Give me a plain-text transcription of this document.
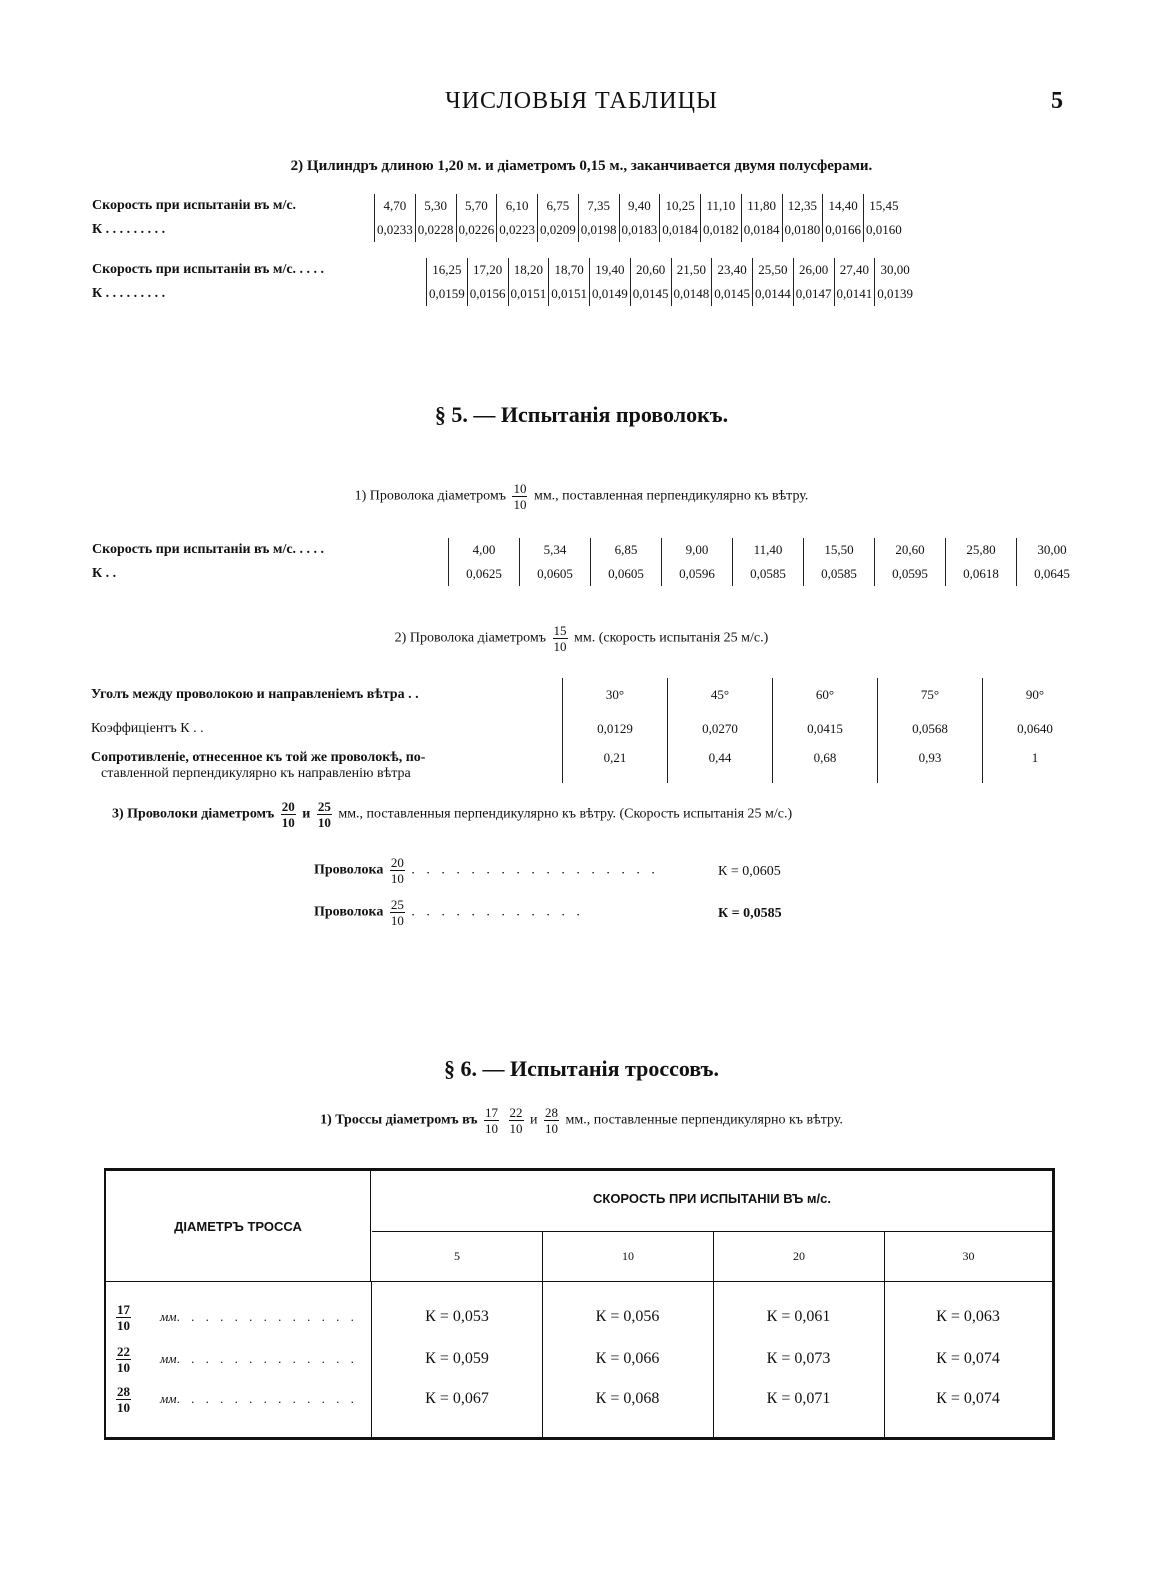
ЧИСЛОВЫЯ ТАБЛИЦЫ	5
2) Цилиндръ длиною 1,20 м. и діаметромъ 0,15 м., заканчивается двумя полусферами.
Скорость при испытаніи въ м/с.	4,70	5,30	5,70	6,10	6,75	7,35	9,40	10,25	11,10	11,80	12,35	14,40	15,45
К . . . . . . . . .	0,0233	0,0228	0,0226	0,0223	0,0209	0,0198	0,0183	0,0184	0,0182	0,0184	0,0180	0,0166	0,0160
Скорость при испытаніи въ м/с. . . . .	16,25	17,20	18,20	18,70	19,40	20,60	21,50	23,40	25,50	26,00	27,40	30,00
К . . . . . . . . .	0,0159	0,0156	0,0151	0,0151	0,0149	0,0145	0,0148	0,0145	0,0144	0,0147	0,0141	0,0139
§ 5. — Испытанія проволокъ.
1) Проволока діаметромъ $\frac{10}{10}$ мм., поставленная перпендикулярно къ вѣтру.
Скорость при испытаніи въ м/с. . . . .	4,00	5,34	6,85	9,00	11,40	15,50	20,60	25,80	30,00
К . .	0,0625	0,0605	0,0605	0,0596	0,0585	0,0585	0,0595	0,0618	0,0645
2) Проволока діаметромъ $\frac{15}{10}$ мм. (скорость испытанія 25 м/с.)
Уголъ между проволокою и направленіемъ вѣтра . .	30°	45°	60°	75°	90°
Коэффиціентъ К . .	0,0129	0,0270	0,0415	0,0568	0,0640

Сопротивленіе, отнесенное къ той же проволокѣ, по-
ставленной перпендикулярно къ направленію вѣтра	0,21	0,44	0,68	0,93	1
3) Проволоки діаметромъ $\frac{20}{10}$ и $\frac{25}{10}$ мм., поставленныя перпендикулярно къ вѣтру. (Скорость испытанія 25 м/с.)
Проволока $\frac{20}{10}$ . . . . . . . . . . . . . . . . .	К = 0,0605
Проволока $\frac{25}{10}$ . . . . . . . . . . . .	К = 0,0585
§ 6. — Испытанія троссовъ.
1) Троссы діаметромъ въ $\frac{17}{10}$
$\frac{22}{10}$ и $\frac{28}{10}$ мм., поставленные перпендикулярно къ вѣтру.
ДІАМЕТРЪ ТРОССА
СКОРОСТЬ ПРИ ИСПЫТАНІИ ВЪ м/с.
5	10	20	30
$\frac{17}{10}$ мм . . . . . . . . . . . . .	К = 0,053	К = 0,056	К = 0,061	К = 0,063
$\frac{22}{10}$ мм . . . . . . . . . . . . .	К = 0,059	К = 0,066	К = 0,073	К = 0,074
$\frac{28}{10}$ мм . . . . . . . . . . . . .	К = 0,067	К = 0,068	К = 0,071	К = 0,074
